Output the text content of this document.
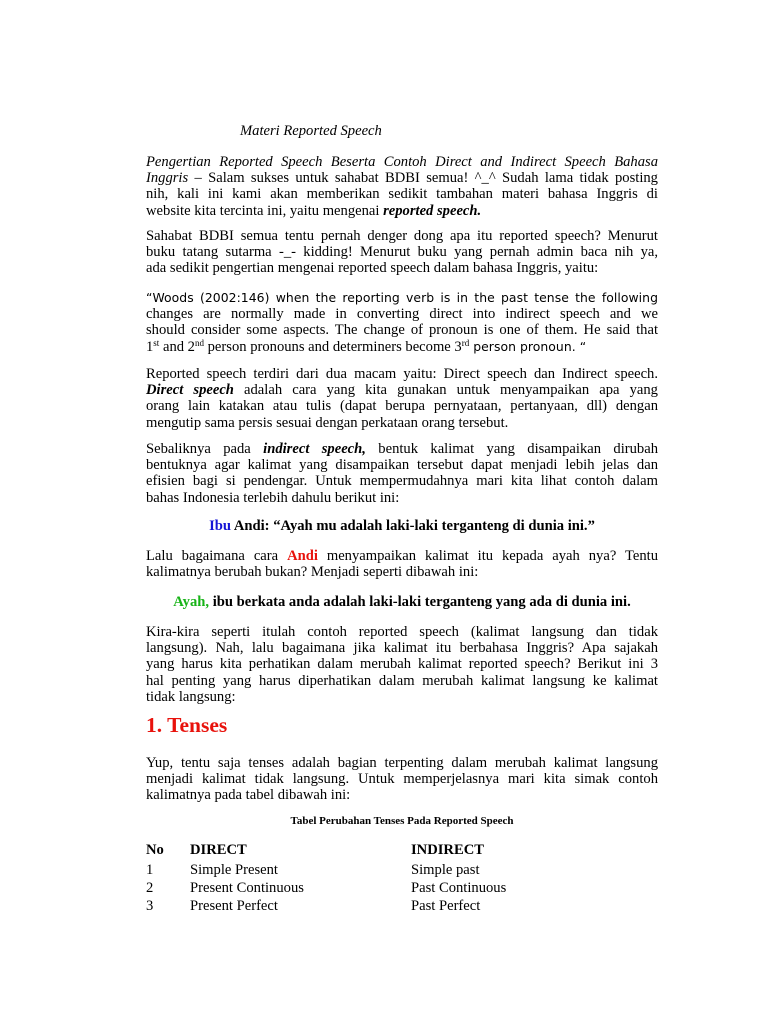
Materi Reported Speech

Pengertian Reported Speech Beserta Contoh Direct and Indirect Speech Bahasa Inggris – Salam sukses untuk sahabat BDBI semua! ^_^ Sudah lama tidak posting
nih, kali ini kami akan memberikan sedikit tambahan materi bahasa Inggris di
website kita tercinta ini, yaitu mengenai reported speech.

Sahabat BDBI semua tentu pernah denger dong apa itu reported speech? Menurut
buku tatang sutarma -_- kidding! Menurut buku yang pernah admin baca nih ya,
ada sedikit pengertian mengenai reported speech dalam bahasa Inggris, yaitu:

“Woods (2002:146) when the reporting verb is in the past tense the following
changes are normally made in converting direct into indirect speech and we
should consider some aspects. The change of pronoun is one of them. He said that
1st and 2nd person pronouns and determiners become 3rd person pronoun. “

Reported speech terdiri dari dua macam yaitu: Direct speech dan Indirect speech.
Direct speech adalah cara yang kita gunakan untuk menyampaikan apa yang
orang lain katakan atau tulis (dapat berupa pernyataan, pertanyaan, dll) dengan
mengutip sama persis sesuai dengan perkataan orang tersebut.

Sebaliknya pada indirect speech, bentuk kalimat yang disampaikan dirubah
bentuknya agar kalimat yang disampaikan tersebut dapat menjadi lebih jelas dan
efisien bagi si pendengar. Untuk mempermudahnya mari kita lihat contoh dalam
bahas Indonesia terlebih dahulu berikut ini:

Ibu Andi: “Ayah mu adalah laki-laki terganteng di dunia ini.”

Lalu bagaimana cara Andi menyampaikan kalimat itu kepada ayah nya? Tentu
kalimatnya berubah bukan? Menjadi seperti dibawah ini:

Ayah, ibu berkata anda adalah laki-laki terganteng yang ada di dunia ini.

Kira-kira seperti itulah contoh reported speech (kalimat langsung dan tidak
langsung). Nah, lalu bagaimana jika kalimat itu berbahasa Inggris? Apa sajakah
yang harus kita perhatikan dalam merubah kalimat reported speech? Berikut ini 3
hal penting yang harus diperhatikan dalam merubah kalimat langsung ke kalimat
tidak langsung:

1. Tenses

Yup, tentu saja tenses adalah bagian terpenting dalam merubah kalimat langsung
menjadi kalimat tidak langsung. Untuk memperjelasnya mari kita simak contoh
kalimatnya pada tabel dibawah ini:

Tabel Perubahan Tenses Pada Reported Speech
No	DIRECT	INDIRECT
1	Simple Present	Simple past
2	Present Continuous	Past Continuous
3	Present Perfect	Past Perfect
